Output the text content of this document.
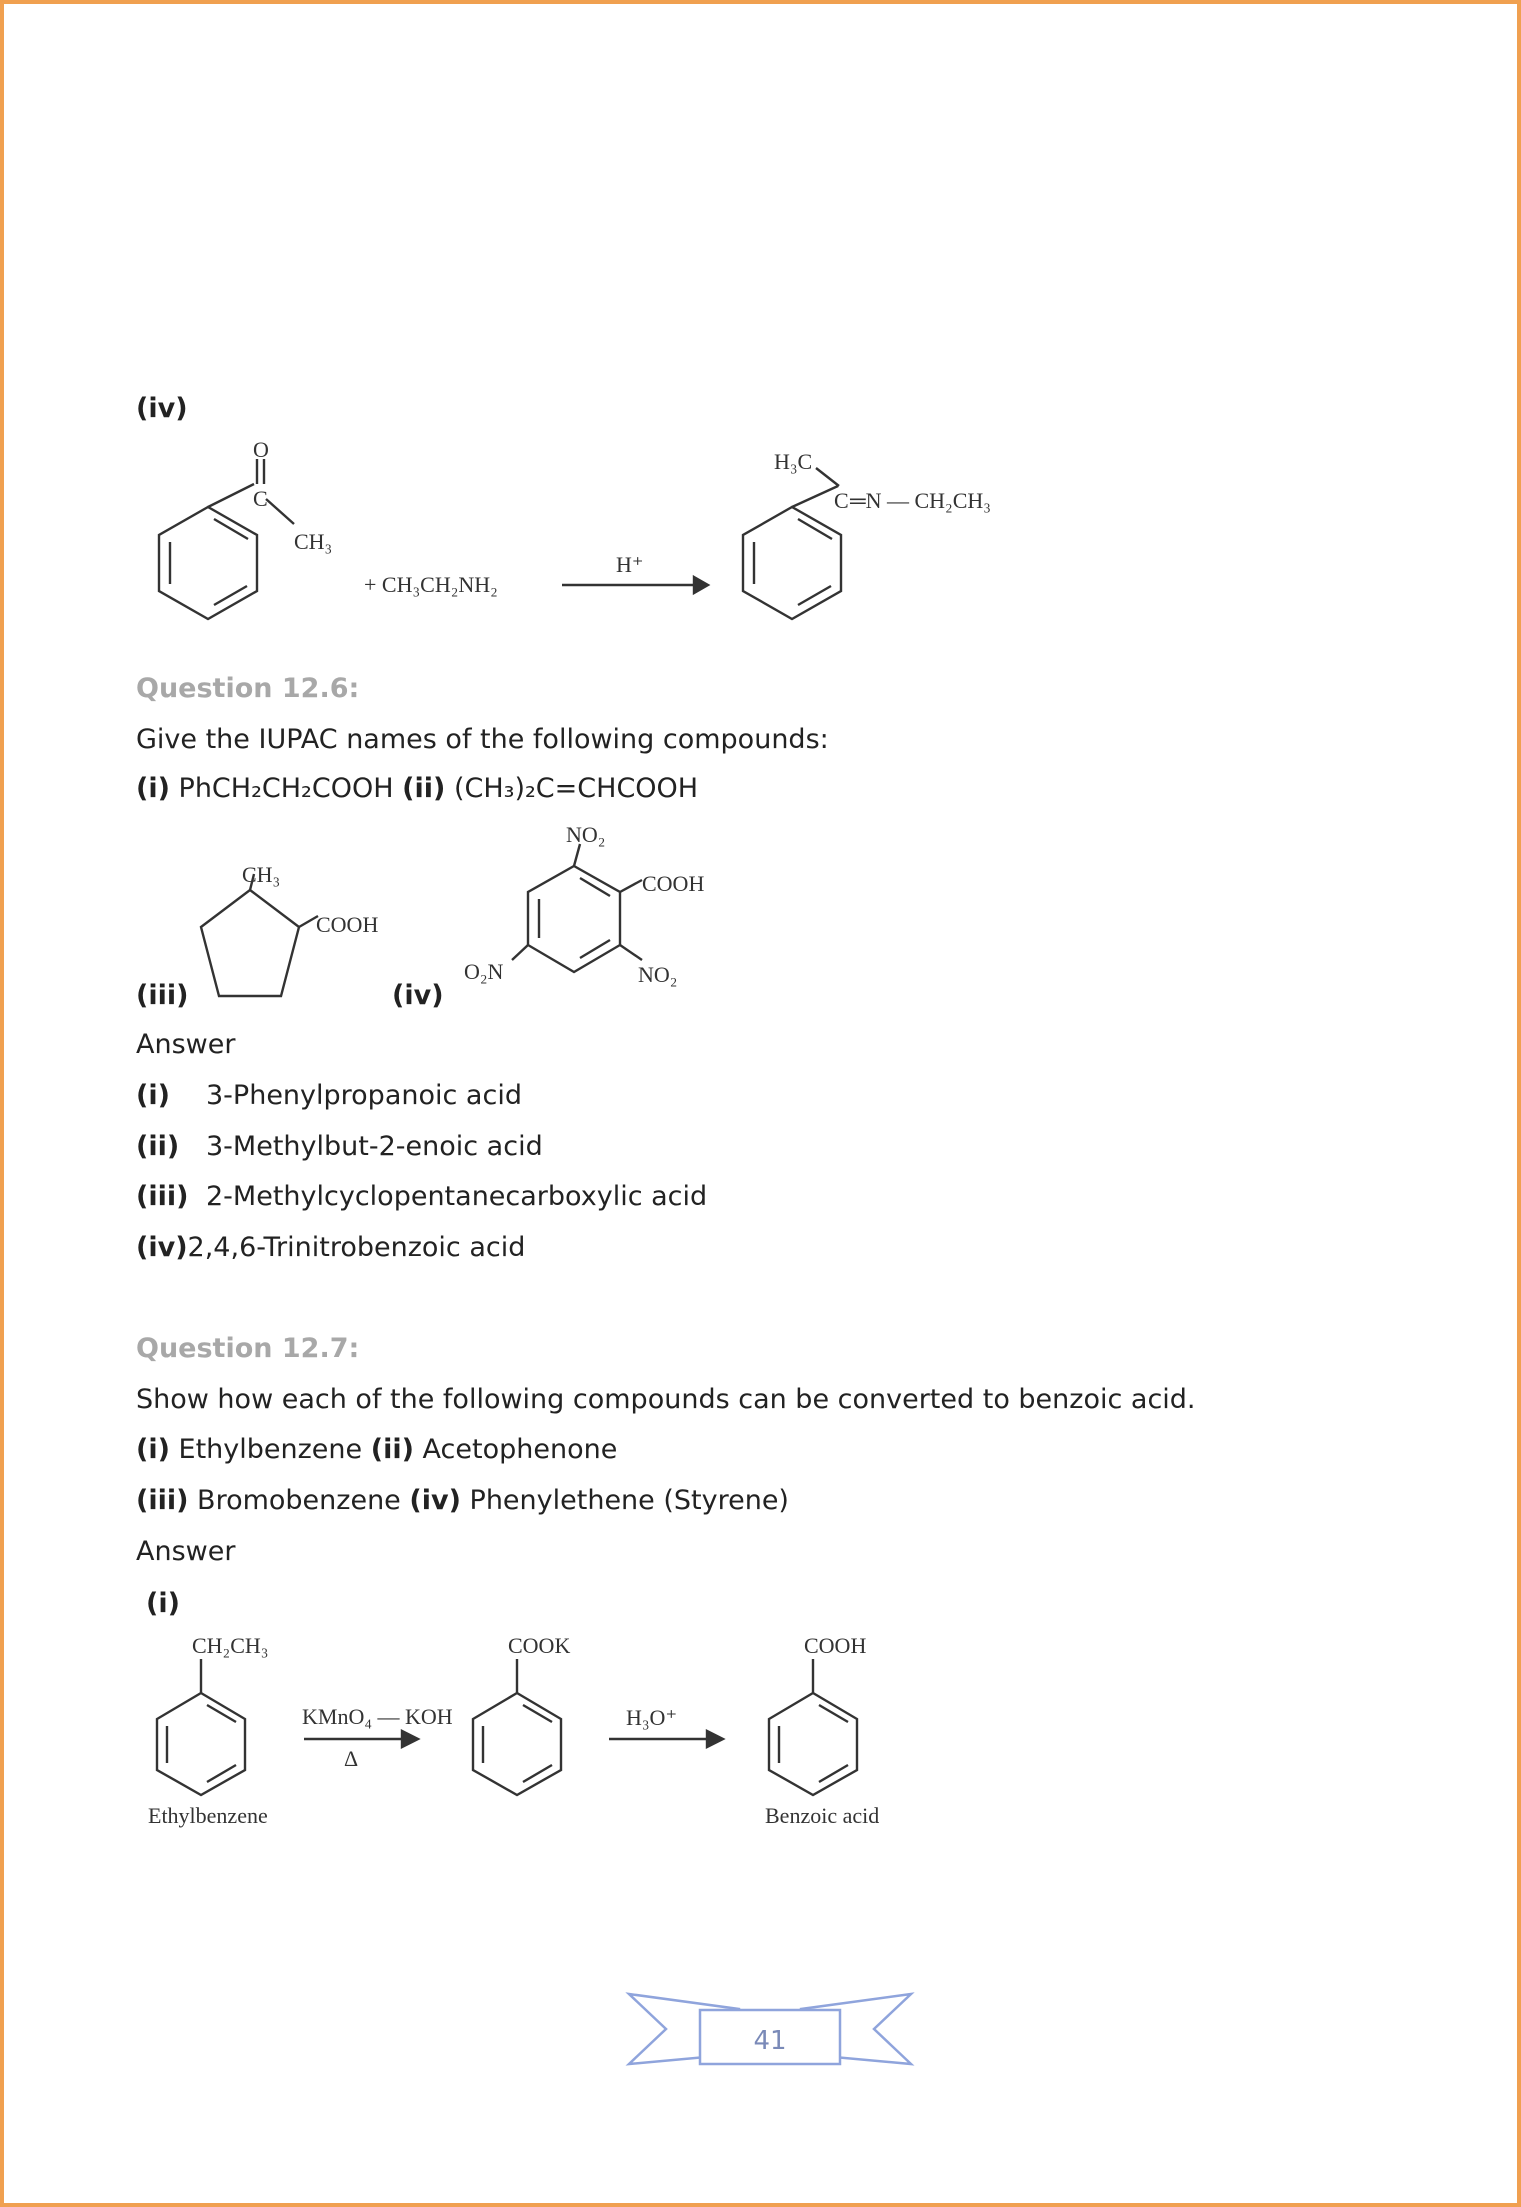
(iv)
O
C
CH₃
+ CH₃CH₂NH₂
H⁺
H₃C
C ═N — CH₂CH₃
CH₃
COOH
NO₂
COOH
NO₂
O₂N
CH₂CH₃
KMnO₄ — KOH
Δ
COOK
H₃O⁺
COOH
Ethylbenzene	Benzoic acid
41
Question 12.6:
Give the IUPAC names of the following compounds:
(i) PhCH₂CH₂COOH (ii) (CH₃)₂C=CHCOOH
(iii)	(iv)
Answer
(i) 3-Phenylpropanoic acid
(ii) 3-Methylbut-2-enoic acid
(iii) 2-Methylcyclopentanecarboxylic acid
(iv)2,4,6-Trinitrobenzoic acid
Question 12.7:
Show how each of the following compounds can be converted to benzoic acid.
(i) Ethylbenzene (ii) Acetophenone
(iii) Bromobenzene (iv) Phenylethene (Styrene)
Answer
(i)
